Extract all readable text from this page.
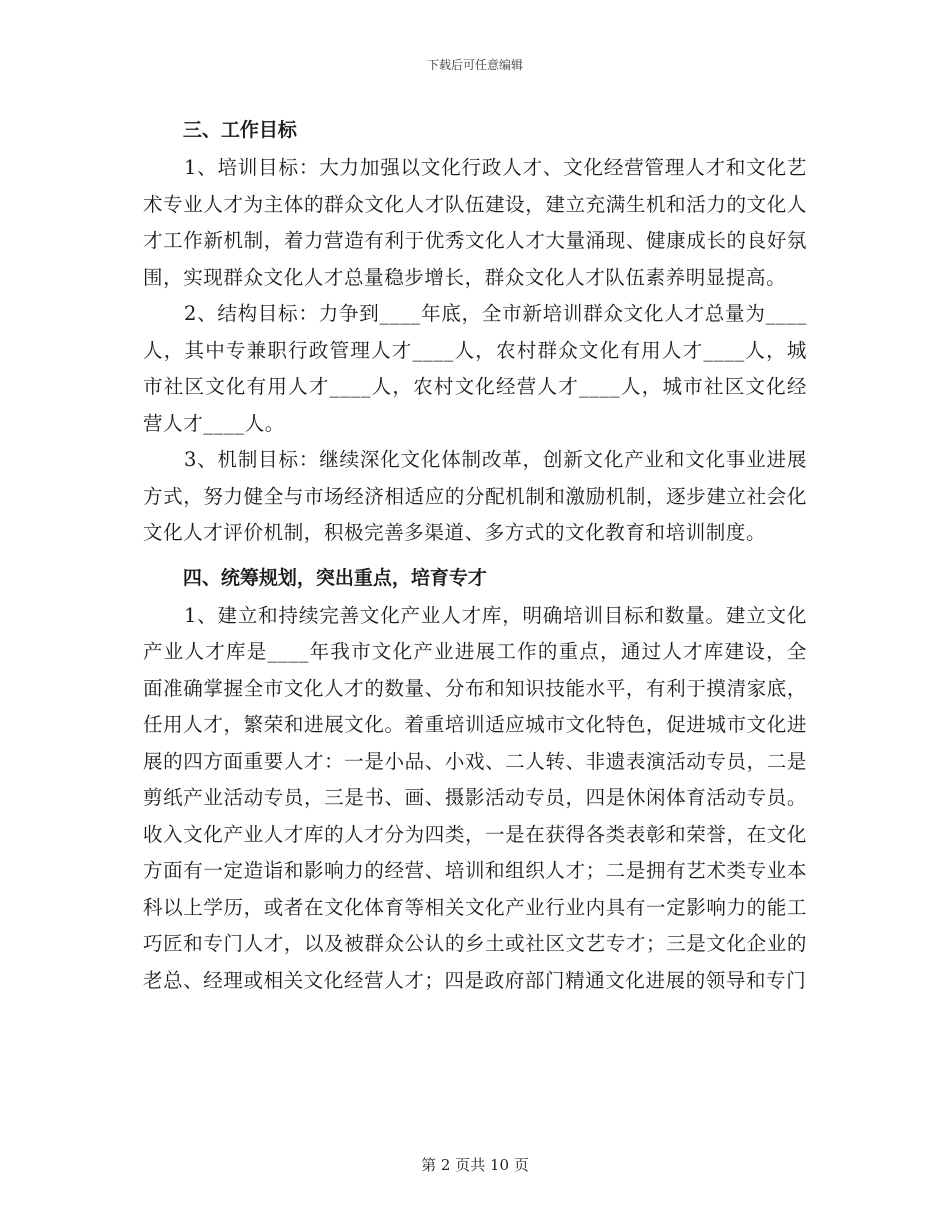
下载后可任意编辑

三、工作目标

1、培训目标：大力加强以文化行政人才、文化经营管理人才和文化艺术专业人才为主体的群众文化人才队伍建设，建立充满生机和活力的文化人才工作新机制，着力营造有利于优秀文化人才大量涌现、健康成长的良好氛围，实现群众文化人才总量稳步增长，群众文化人才队伍素养明显提高。

2、结构目标：力争到____年底，全市新培训群众文化人才总量为____人，其中专兼职行政管理人才____人，农村群众文化有用人才____人，城市社区文化有用人才____人，农村文化经营人才____人，城市社区文化经营人才____人。

3、机制目标：继续深化文化体制改革，创新文化产业和文化事业进展方式，努力健全与市场经济相适应的分配机制和激励机制，逐步建立社会化文化人才评价机制，积极完善多渠道、多方式的文化教育和培训制度。

四、统筹规划，突出重点，培育专才

1、建立和持续完善文化产业人才库，明确培训目标和数量。建立文化产业人才库是____年我市文化产业进展工作的重点，通过人才库建设，全面准确掌握全市文化人才的数量、分布和知识技能水平，有利于摸清家底，任用人才，繁荣和进展文化。着重培训适应城市文化特色，促进城市文化进展的四方面重要人才：一是小品、小戏、二人转、非遗表演活动专员，二是剪纸产业活动专员，三是书、画、摄影活动专员，四是休闲体育活动专员。收入文化产业人才库的人才分为四类，一是在获得各类表彰和荣誉，在文化方面有一定造诣和影响力的经营、培训和组织人才；二是拥有艺术类专业本科以上学历，或者在文化体育等相关文化产业行业内具有一定影响力的能工巧匠和专门人才，以及被群众公认的乡土或社区文艺专才；三是文化企业的老总、经理或相关文化经营人才；四是政府部门精通文化进展的领导和专门

第 2 页共 10 页
